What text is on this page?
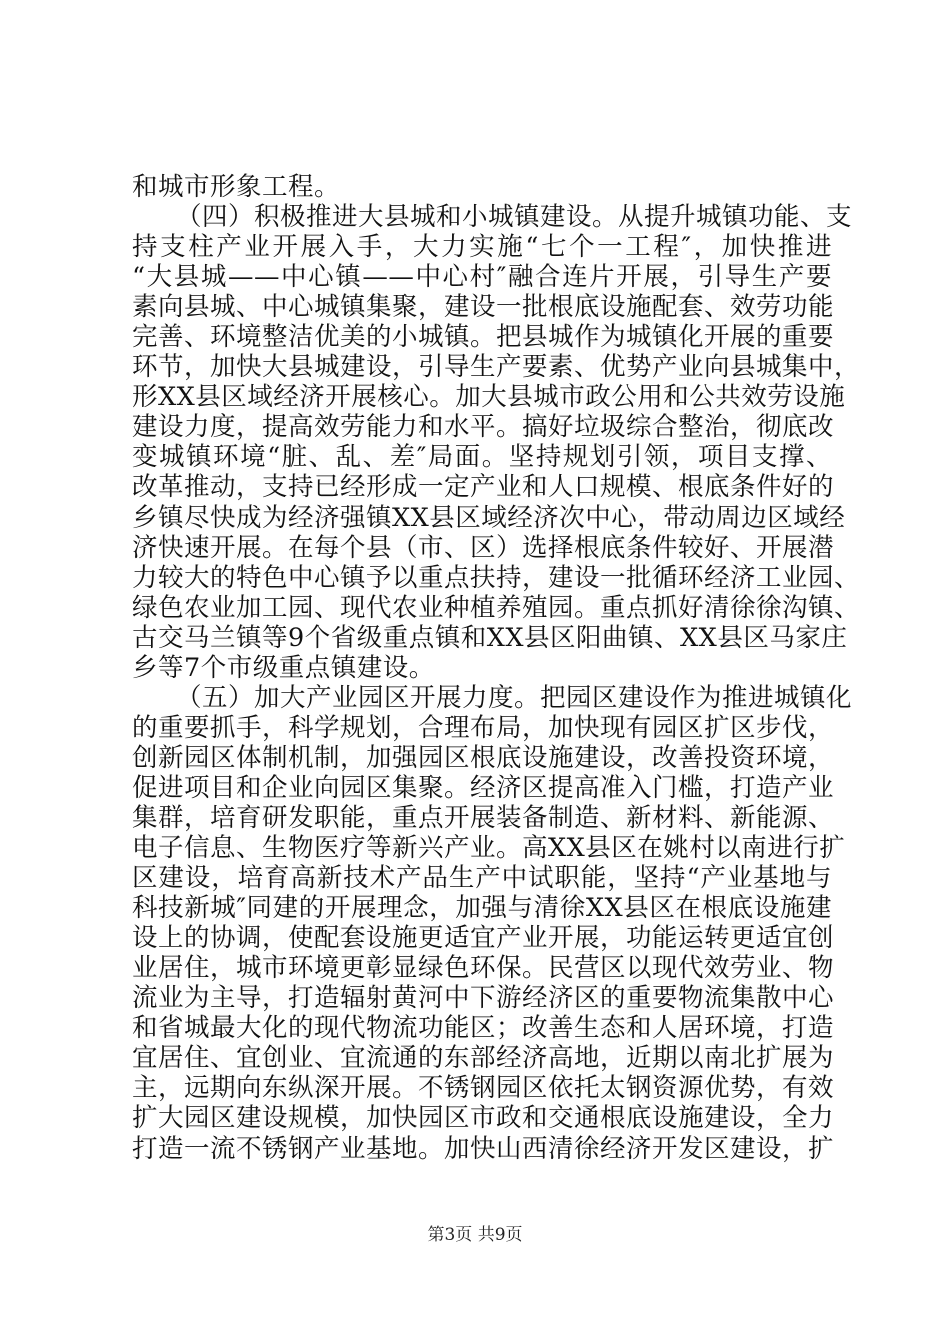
和城市形象工程。
（四）积极推进大县城和小城镇建设。从提升城镇功能、支
持支柱产业开展入手，大力实施“七个一工程″，加快推进
“大县城——中心镇——中心村″融合连片开展，引导生产要
素向县城、中心城镇集聚，建设一批根底设施配套、效劳功能
完善、环境整洁优美的小城镇。把县城作为城镇化开展的重要
环节，加快大县城建设，引导生产要素、优势产业向县城集中，
形XX县区域经济开展核心。加大县城市政公用和公共效劳设施
建设力度，提高效劳能力和水平。搞好垃圾综合整治，彻底改
变城镇环境“脏、乱、差″局面。坚持规划引领，项目支撑、
改革推动，支持已经形成一定产业和人口规模、根底条件好的
乡镇尽快成为经济强镇XX县区域经济次中心，带动周边区域经
济快速开展。在每个县（市、区）选择根底条件较好、开展潜
力较大的特色中心镇予以重点扶持，建设一批循环经济工业园、
绿色农业加工园、现代农业种植养殖园。重点抓好清徐徐沟镇、
古交马兰镇等9个省级重点镇和XX县区阳曲镇、XX县区马家庄
乡等7个市级重点镇建设。
（五）加大产业园区开展力度。把园区建设作为推进城镇化
的重要抓手，科学规划，合理布局，加快现有园区扩区步伐，
创新园区体制机制，加强园区根底设施建设，改善投资环境，
促进项目和企业向园区集聚。经济区提高准入门槛，打造产业
集群，培育研发职能，重点开展装备制造、新材料、新能源、
电子信息、生物医疗等新兴产业。高XX县区在姚村以南进行扩
区建设，培育高新技术产品生产中试职能，坚持“产业基地与
科技新城″同建的开展理念，加强与清徐XX县区在根底设施建
设上的协调，使配套设施更适宜产业开展，功能运转更适宜创
业居住，城市环境更彰显绿色环保。民营区以现代效劳业、物
流业为主导，打造辐射黄河中下游经济区的重要物流集散中心
和省城最大化的现代物流功能区；改善生态和人居环境，打造
宜居住、宜创业、宜流通的东部经济高地，近期以南北扩展为
主，远期向东纵深开展。不锈钢园区依托太钢资源优势，有效
扩大园区建设规模，加快园区市政和交通根底设施建设，全力
打造一流不锈钢产业基地。加快山西清徐经济开发区建设，扩
第3页 共9页
